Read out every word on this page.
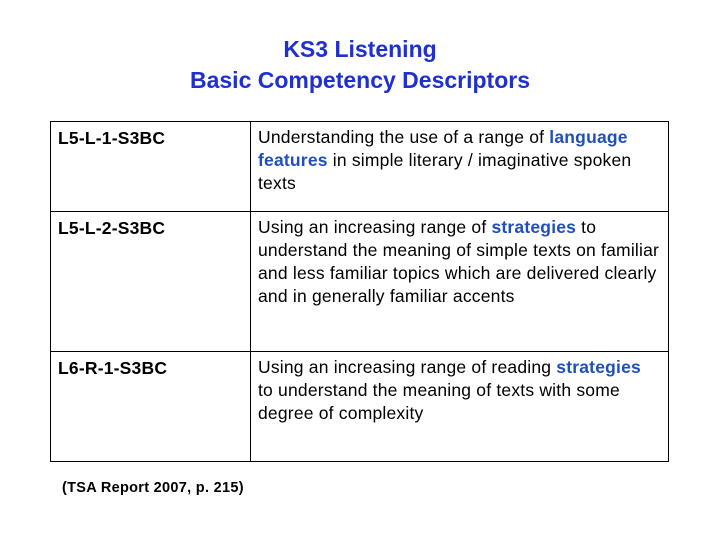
KS3 Listening
Basic Competency Descriptors
L5-L-1-S3BC	Understanding the use of a range of language features in simple literary / imaginative spoken texts
L5-L-2-S3BC	Using an increasing range of strategies to understand the meaning of simple texts on familiar and less familiar topics which are delivered clearly and in generally familiar accents
L6-R-1-S3BC	Using an increasing range of reading strategies to understand the meaning of texts with some degree of complexity
(TSA Report 2007, p. 215)
